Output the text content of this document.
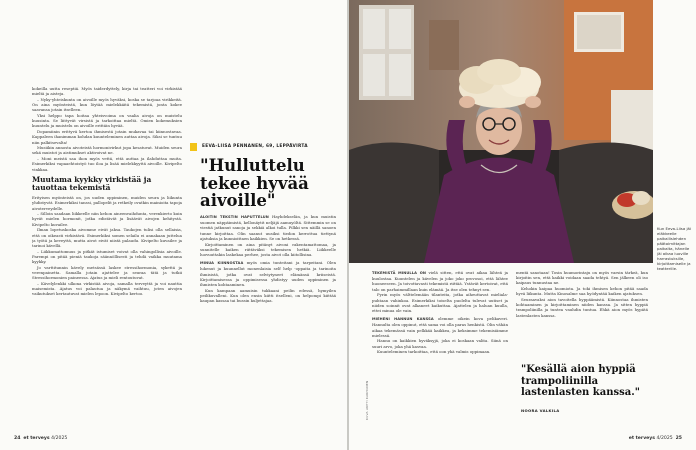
kokeilla uutta reseptiä. Myös taiderdyttely, kirja tai teatteri voi virkistää mieltä ja aisteja.

– Nyky-yhteiskunta on aivoille myös hyväksi, koska se tarjoaa virikkeitä. On aina myönteistä, kun löytää mielekkäitä tekemistä, jonta kokee saavansa jotain itselleen.

Yksi helppo tapa hoitaa yhteisvoima on vaalia aivoja on muistelu kuusinta. Se liittyvät virsistä ja tarkoittaa mieltä. Omien kokemuksien kuuntelu ja muistelu on aivoille erittäin hyvää.

Dopamiinin erittyvä kertoa ihmisestä jotain mukavaa tai kiinnostavaa. Kappaleen ihanimman kohdan kuunteleminen auttaa aivoja. Siksi se tuntuu niin palkitsevalta!

Musiikin annosta aivoteistä hormonivirkut jopa kesatuvat. Muiden seura sekä muistot ja aistimukset aktivoivat ne.

– Moni meistä saa ihon myös vettä, että auttaa ja ilahduttaa muita. Esimerkiksi vapaaehtoistyö tuo iloa ja lisää mielekkyyttä aivoille. Kivipelto vinkkaa.

Muutama kyykky virkistää ja tauottaa tekemistä

Erityisen myönteistä on, jos uuden oppiminen, muiden seura ja liikunta yhdistyvät. Esimerkiksi tanssi, pallopelit ja retkeily ovatkin mainioita tapoja aivoterveydelle.

– Silloin saadaan liikkeelle niin kehon aineenvaihdunta, verenkierto kuin hyvät mielen hormonit, jotka edistävät ja lisäävät aivojen kehitystä. Kivipelto kuvailee.

Ilman lopetuskoska aivomme eivät jaksa. Taukojen tulisi olla sellaisia, että on oikeasti virkistävä. Esimerkiksi somen selailu ei annakaan juttelua ja työtä ja keveyttä, mutta aivot eivät niistä palaudu. Kivipelto kuvailee ja tarinoi kävellä.

– Liikkumattomuus ja pitkät istumiset voivat olla vahingollisia aivoille. Parempi on pitää pieniä taukoja säännöllisesti ja tehdä vaikka muutama kyykky.

Jo varttitunnin kävely metsässä laskee stressihormonia, sykettä ja verenpainetta. Samalla jotain ajattelee ja seuraa tätä ja tutkii Stressihormonien paineessa. Ajatus ja mieli rentoutuvat.

– Kävelylenkki ulkona virkistää aivoja, samalla terveyttä ja voi nauttia maisemista. Ajatus voi palautua ja näkymä vaihtuu, joten aivojen vaikutukset kertautuvat mielen lepoon. Kivipelto kertoo.

EEVA-LIISA PENNANEN, 69, LEPPÄVIRTA
"Hulluttelu tekee hyvää aivoille"

ALOITIN TEKSTIN HAPUTTELUN Hayhdekselän, ja kun muistin suomen näppäimistä, kellonäytit neljäjä aamuyöltä. Sittemmin se on viestiä jatkunut sanoja ja sekkiä alkoi tulla. Pilkki sen näillä sanoen tunne kirjoittaa. Olin saanut uusiksi tiedon kerrottua tiettynä ajatuksia ja kunnioittaen kaikkien. Se on hetkessä.

Kirjoittaminen on aina pitänyt aivoni rakentamattomaa, ja sunnitelle kaiken riittäväksi tekemisen hetkiä. Liikkeelle luovuuttakin laskekaa perhee, josta aivot olla kiitollisina.

MINUA KIINNOSTAA myös omia tunteitani ja tarpeitani. Olen lukenut ja kuunnellut monenlaisia self help -oppaita ja tarinoita ihmisistä, jotka ovat selviytyneet elämänsä kriiseistä. Kirjoittamisessa ja oppimisessa yhdistyy uuden oppiminen ja ihmisten kohtaaminen.

Kun kampaan aamuisin tukkaani peilin edessä, hymyilen peilikuvalleni. Kun olen ensin kiitti itselleni, on helpompi kiittää kaupan kassaa tai bussin kuljettajaa.

24 et terveys 4/2025
Kun Eeva-Liisa jäi eläkkeelle paikallislehden päätoimittajan paikalta, hänelle jäi aikaa luoville harrastuksille, kirjoittamiselle ja teatterille.
KUVA ANTTI KARHUNEN

TEKEMISTÄ MINULLA ON vielä sitten, että ovat aikaa lähteä ja kuulostaa. Kuuntelen ja kävelen ja joko joko provosoi, että lähtee huoneeseen. Ja toivottavasti tekemistä riittää. Ystävät kertoivat, että talo on parhaimmillaan kuin elämää. Ja itse olen tehnyt sen.

Pyrin myös välttelemään tilanteita, jotka aiheuttavat mieliala-puhtaan vahinkoa. Esimerkiksi toiselta puolelta tulevat uutiset ja niiden soinnit ovat alkaneet kaikuttaa. Ajattelen ja haluan kuulla, ettei minua ole vain.

MIEHENI HANNUN KANSSA olemme oikein kova pelikaveri. Hannulta olen oppinut, että sama voi olla paras henkistä. Olin vähän aikaa tekemässä vain pelkkää kaikkea, ja keksimme tekemisiämme mielessä.

Hannu on kaikkien hyväksyjä, joka ei koskaan valita. Siinä on suuri arvo, joka yhä kasvaa.

Kuunteleminen tarkoittaa, että oon yhä valmis oppimaan.

mentä sanotaan! Tosin huumorintaju on myös varsin tärkeä, kun kirjoitin sen, että kaikki voidaan saada tehtyä. Sen jälkeen oli iso kaipaus tunnustaa ne.

Kehokin kaipaa huomiota. Ja toki ihmisen kehon pitää saada hyvä liikunta. Mutta Kinosalme saa hyödyntää kaiken ajatuksen.

Seuraavaksi aion tavoitella hyppäämistä. Kiinnostaa ihmisten kohtaaminen ja kirjoittaminen niiden kanssa. Ja sitten hyppiä trampoliinilla ja tuntea vauhdin tuntua. Ehkä aion myös hypätä lastenlasten kanssa.

"Kesällä aion hyppiä trampoliinilla lastenlasten kanssa."
NOORA VALKILA
et terveys 4/2025 25
